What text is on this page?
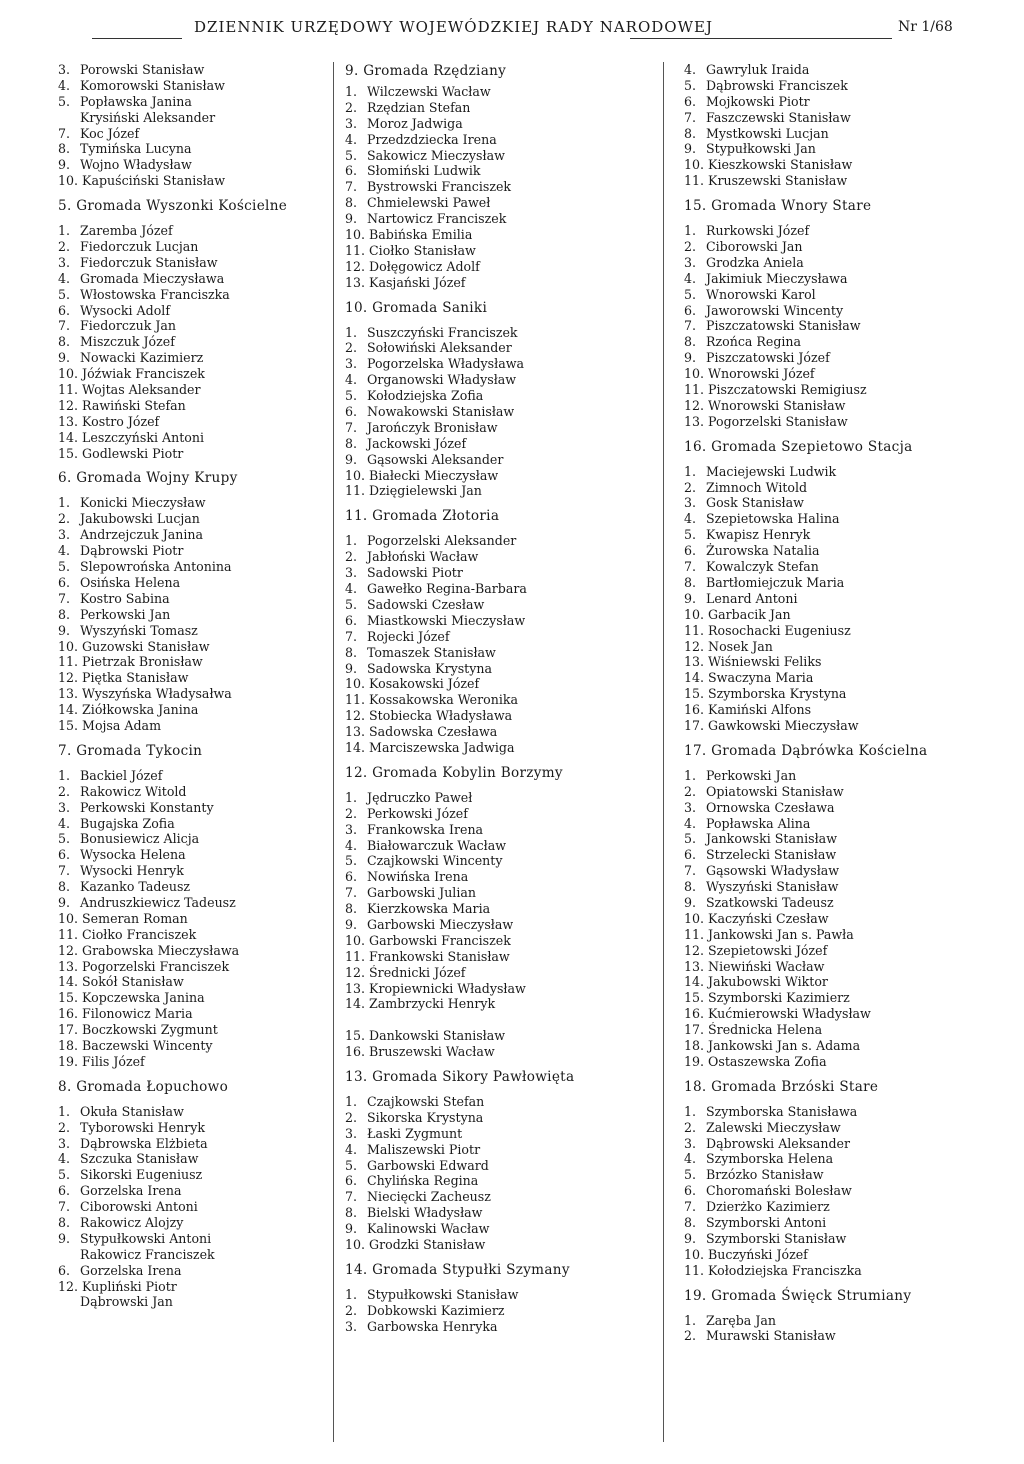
DZIENNIK URZĘDOWY WOJEWÓDZKIEJ RADY NARODOWEJ	Nr 1/68
3. Porowski Stanisław
4. Komorowski Stanisław
5. Popławska Janina
Krysiński Aleksander
7. Koc Józef
8. Tymińska Lucyna
9. Wojno Władysław
10. Kapuściński Stanisław
5. Gromada Wyszonki Kościelne
1. Zaremba Józef
2. Fiedorczuk Lucjan
3. Fiedorczuk Stanisław
4. Gromada Mieczysława
5. Włostowska Franciszka
6. Wysocki Adolf
7. Fiedorczuk Jan
8. Miszczuk Józef
9. Nowacki Kazimierz
10. Jóźwiak Franciszek
11. Wojtas Aleksander
12. Rawiński Stefan
13. Kostro Józef
14. Leszczyński Antoni
15. Godlewski Piotr
6. Gromada Wojny Krupy
1. Konicki Mieczysław
2. Jakubowski Lucjan
3. Andrzejczuk Janina
4. Dąbrowski Piotr
5. Slepowrońska Antonina
6. Osińska Helena
7. Kostro Sabina
8. Perkowski Jan
9. Wyszyński Tomasz
10. Guzowski Stanisław
11. Pietrzak Bronisław
12. Piętka Stanisław
13. Wyszyńska Władysałwa
14. Ziółkowska Janina
15. Mojsa Adam
7. Gromada Tykocin
1. Backiel Józef
2. Rakowicz Witold
3. Perkowski Konstanty
4. Bugajska Zofia
5. Bonusiewicz Alicja
6. Wysocka Helena
7. Wysocki Henryk
8. Kazanko Tadeusz
9. Andruszkiewicz Tadeusz
10. Semeran Roman
11. Ciołko Franciszek
12. Grabowska Mieczysława
13. Pogorzelski Franciszek
14. Sokół Stanisław
15. Kopczewska Janina
16. Filonowicz Maria
17. Boczkowski Zygmunt
18. Baczewski Wincenty
19. Filis Józef
8. Gromada Łopuchowo
1. Okuła Stanisław
2. Tyborowski Henryk
3. Dąbrowska Elżbieta
4. Szczuka Stanisław
5. Sikorski Eugeniusz
6. Gorzelska Irena
7. Ciborowski Antoni
8. Rakowicz Alojzy
9. Stypułkowski Antoni
Rakowicz Franciszek
6. Gorzelska Irena
12. Kupliński Piotr
Dąbrowski Jan
9. Gromada Rzędziany
1. Wilczewski Wacław
2. Rzędzian Stefan
3. Moroz Jadwiga
4. Przedzdziecka Irena
5. Sakowicz Mieczysław
6. Słomiński Ludwik
7. Bystrowski Franciszek
8. Chmielewski Paweł
9. Nartowicz Franciszek
10. Babińska Emilia
11. Ciołko Stanisław
12. Dołęgowicz Adolf
13. Kasjański Józef
10. Gromada Saniki
1. Suszczyński Franciszek
2. Sołowiński Aleksander
3. Pogorzelska Władysława
4. Organowski Władysław
5. Kołodziejska Zofia
6. Nowakowski Stanisław
7. Jarończyk Bronisław
8. Jackowski Józef
9. Gąsowski Aleksander
10. Białecki Mieczysław
11. Dzięgielewski Jan
11. Gromada Złotoria
1. Pogorzelski Aleksander
2. Jabłoński Wacław
3. Sadowski Piotr
4. Gawełko Regina-Barbara
5. Sadowski Czesław
6. Miastkowski Mieczysław
7. Rojecki Józef
8. Tomaszek Stanisław
9. Sadowska Krystyna
10. Kosakowski Józef
11. Kossakowska Weronika
12. Stobiecka Władysława
13. Sadowska Czesława
14. Marciszewska Jadwiga
12. Gromada Kobylin Borzymy
1. Jędruczko Paweł
2. Perkowski Józef
3. Frankowska Irena
4. Białowarczuk Wacław
5. Czajkowski Wincenty
6. Nowińska Irena
7. Garbowski Julian
8. Kierzkowska Maria
9. Garbowski Mieczysław
10. Garbowski Franciszek
11. Frankowski Stanisław
12. Średnicki Józef
13. Kropiewnicki Władysław
14. Zambrzycki Henryk
15. Dankowski Stanisław
16. Bruszewski Wacław
13. Gromada Sikory Pawłowięta
1. Czajkowski Stefan
2. Sikorska Krystyna
3. Łaski Zygmunt
4. Maliszewski Piotr
5. Garbowski Edward
6. Chylińska Regina
7. Niecięcki Zacheusz
8. Bielski Władysław
9. Kalinowski Wacław
10. Grodzki Stanisław
14. Gromada Stypułki Szymany
1. Stypułkowski Stanisław
2. Dobkowski Kazimierz
3. Garbowska Henryka
4. Gawryluk Iraida
5. Dąbrowski Franciszek
6. Mojkowski Piotr
7. Faszczewski Stanisław
8. Mystkowski Lucjan
9. Stypułkowski Jan
10. Kieszkowski Stanisław
11. Kruszewski Stanisław
15. Gromada Wnory Stare
1. Rurkowski Józef
2. Ciborowski Jan
3. Grodzka Aniela
4. Jakimiuk Mieczysława
5. Wnorowski Karol
6. Jaworowski Wincenty
7. Piszczatowski Stanisław
8. Rzońca Regina
9. Piszczatowski Józef
10. Wnorowski Józef
11. Piszczatowski Remigiusz
12. Wnorowski Stanisław
13. Pogorzelski Stanisław
16. Gromada Szepietowo Stacja
1. Maciejewski Ludwik
2. Zimnoch Witold
3. Gosk Stanisław
4. Szepietowska Halina
5. Kwapisz Henryk
6. Żurowska Natalia
7. Kowalczyk Stefan
8. Bartłomiejczuk Maria
9. Lenard Antoni
10. Garbacik Jan
11. Rosochacki Eugeniusz
12. Nosek Jan
13. Wiśniewski Feliks
14. Swaczyna Maria
15. Szymborska Krystyna
16. Kamiński Alfons
17. Gawkowski Mieczysław
17. Gromada Dąbrówka Kościelna
1. Perkowski Jan
2. Opiatowski Stanisław
3. Ornowska Czesława
4. Popławska Alina
5. Jankowski Stanisław
6. Strzelecki Stanisław
7. Gąsowski Władysław
8. Wyszyński Stanisław
9. Szatkowski Tadeusz
10. Kaczyński Czesław
11. Jankowski Jan s. Pawła
12. Szepietowski Józef
13. Niewiński Wacław
14. Jakubowski Wiktor
15. Szymborski Kazimierz
16. Kućmierowski Władysław
17. Średnicka Helena
18. Jankowski Jan s. Adama
19. Ostaszewska Zofia
18. Gromada Brzóski Stare
1. Szymborska Stanisława
2. Zalewski Mieczysław
3. Dąbrowski Aleksander
4. Szymborska Helena
5. Brzózko Stanisław
6. Choromański Bolesław
7. Dzierżko Kazimierz
8. Szymborski Antoni
9. Szymborski Stanisław
10. Buczyński Józef
11. Kołodziejska Franciszka
19. Gromada Święck Strumiany
1. Zaręba Jan
2. Murawski Stanisław
